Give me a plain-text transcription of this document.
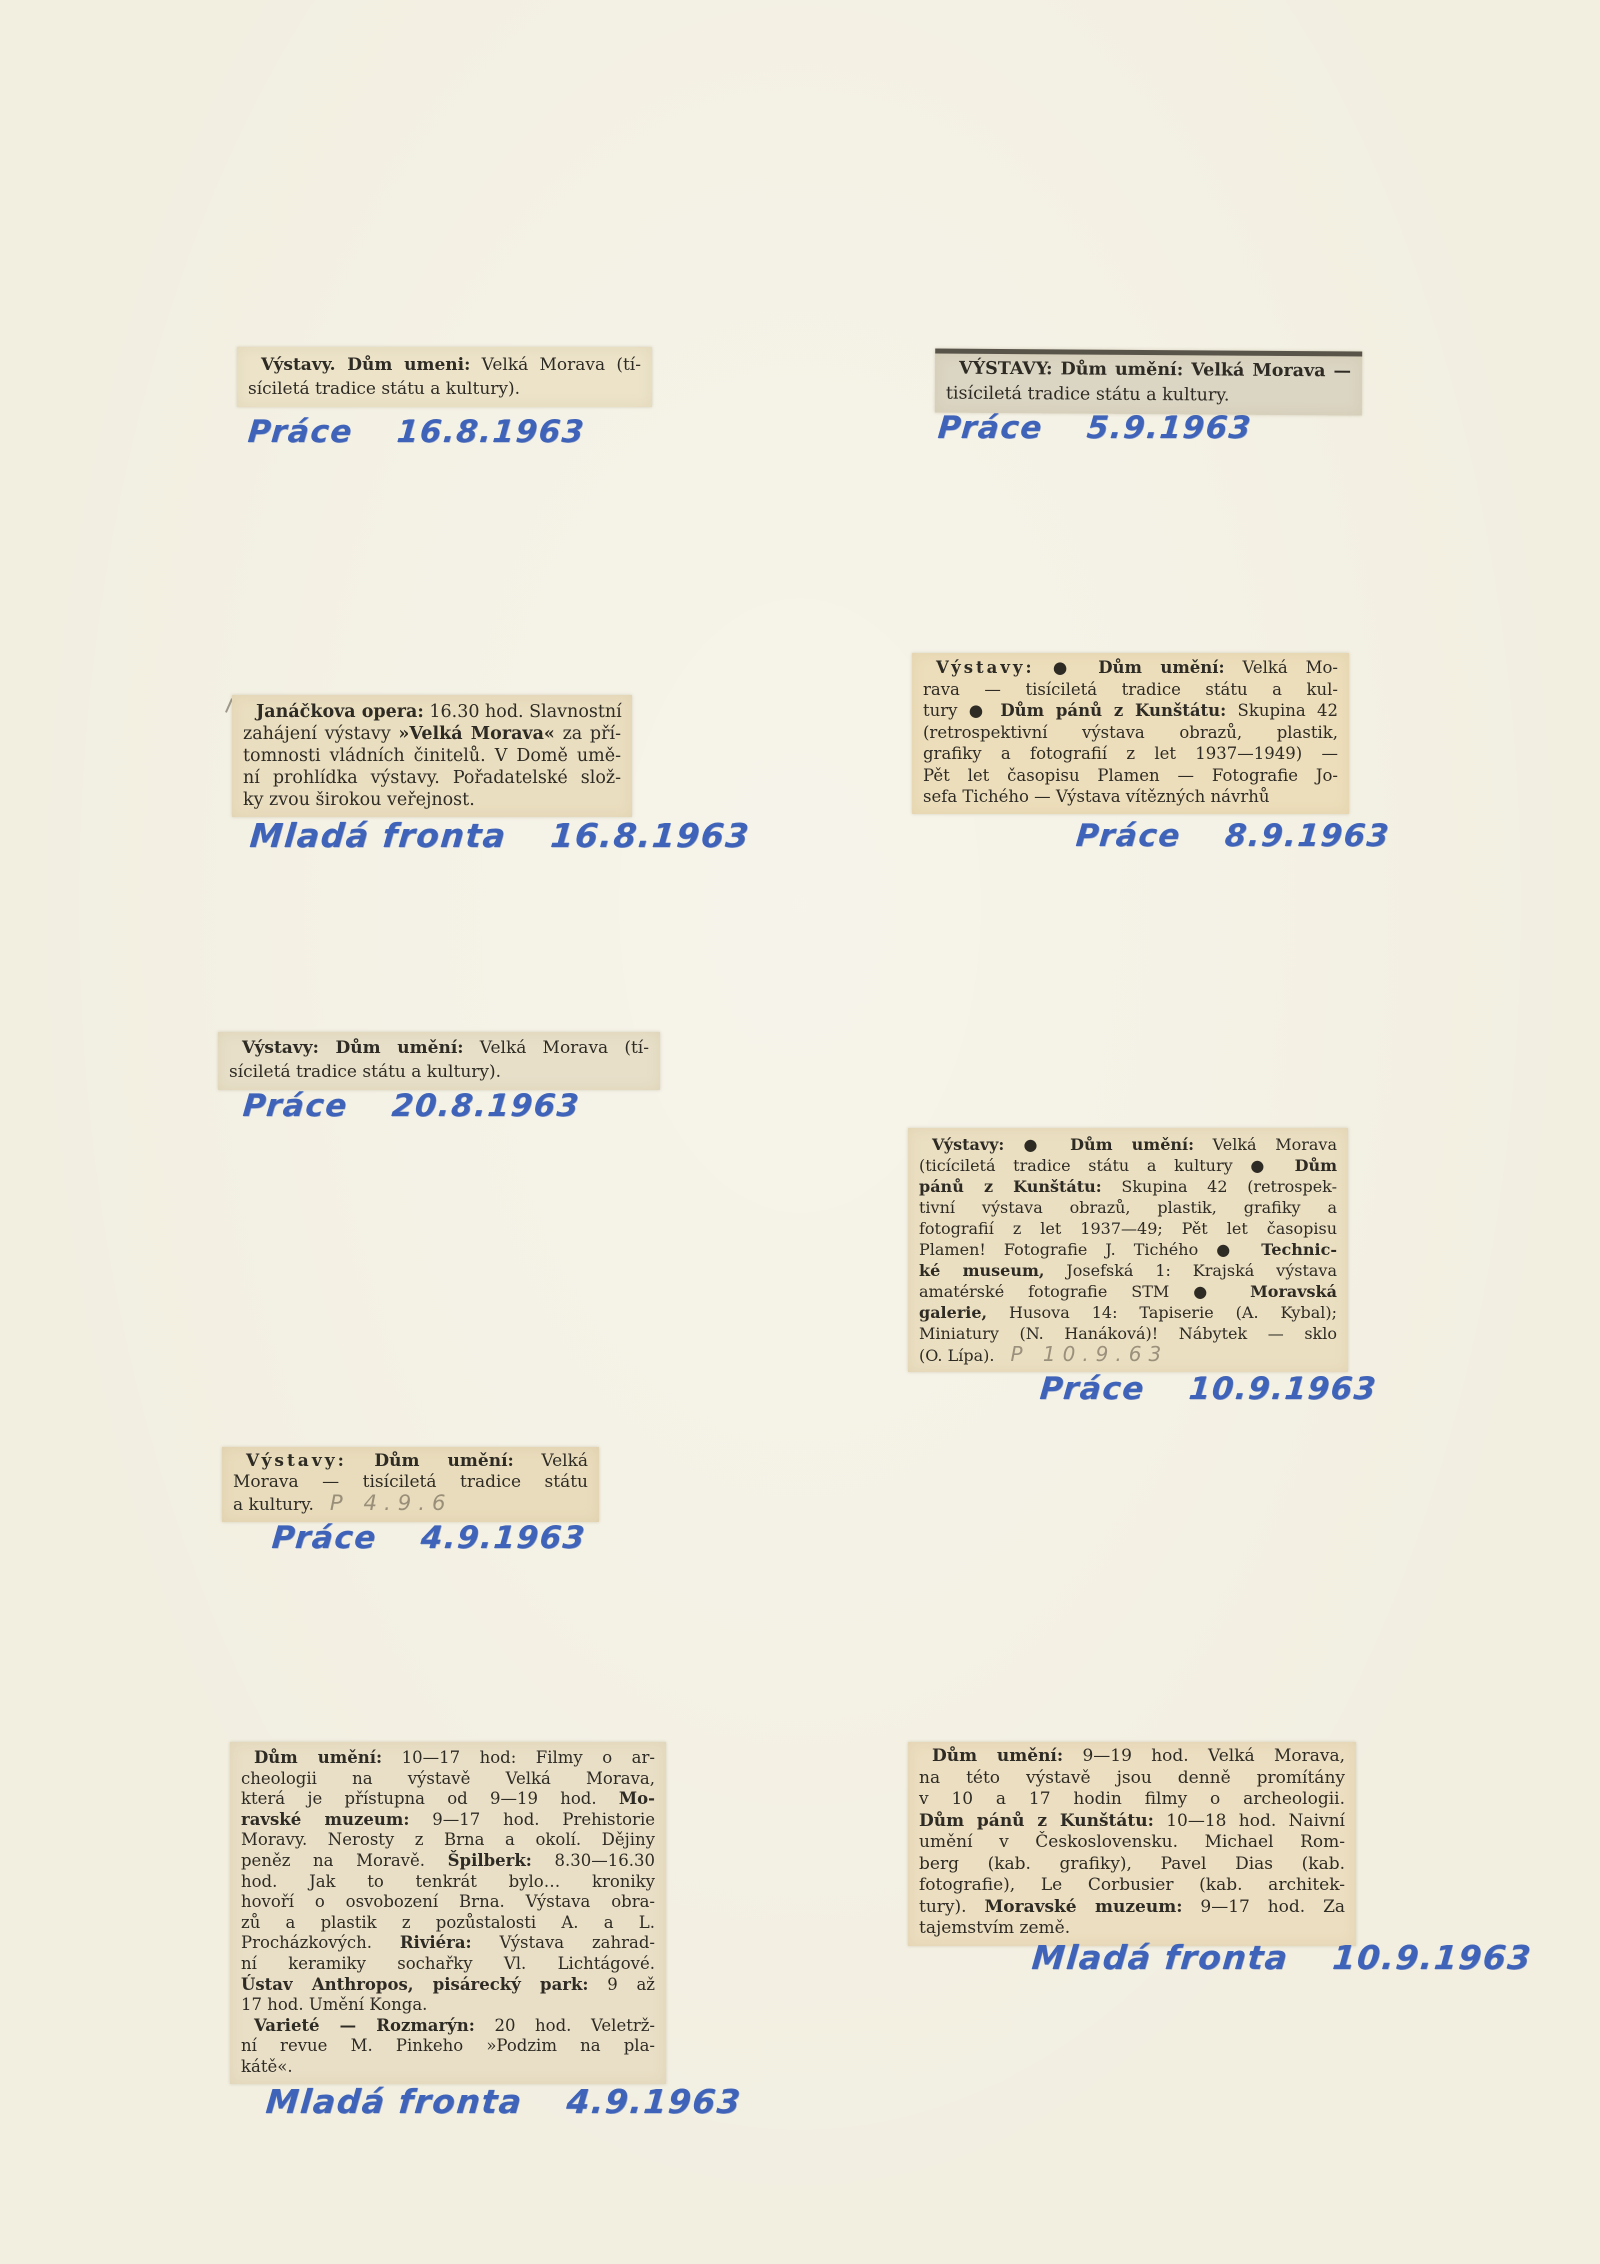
Výstavy. Dům umeni: Velká Morava (tí-
síciletá tradice státu a kultury).
Práce 16.8.1963
VÝSTAVY: Dům umění: Velká Morava —
tisíciletá tradice státu a kultury.
Práce 5.9.1963
Janáčkova opera: 16.30 hod. Slavnostní
zahájení výstavy »Velká Morava« za pří-
tomnosti vládních činitelů. V Domě umě-
ní prohlídka výstavy. Pořadatelské slož-
ky zvou širokou veřejnost.
Mladá fronta 16.8.1963
Výstavy: ● Dům umění: Velká Mo-
rava — tisíciletá tradice státu a kul-
tury ● Dům pánů z Kunštátu: Skupina 42
(retrospektivní výstava obrazů, plastik,
grafiky a fotografií z let 1937—1949) —
Pět let časopisu Plamen — Fotografie Jo-
sefa Tichého — Výstava vítězných návrhů
Práce 8.9.1963
Výstavy: Dům umění: Velká Morava (tí-
síciletá tradice státu a kultury).
Práce 20.8.1963
Výstavy: ● Dům umění: Velká Morava
(ticíciletá tradice státu a kultury ● Dům
pánů z Kunštátu: Skupina 42 (retrospek-
tivní výstava obrazů, plastik, grafiky a
fotografií z let 1937—49; Pět let časopisu
Plamen! Fotografie J. Tichého ● Technic-
ké museum, Josefská 1: Krajská výstava
amatérské fotografie STM ● Moravská
galerie, Husova 14: Tapiserie (A. Kybal);
Miniatury (N. Hanáková)! Nábytek — sklo
(O. Lípa). P 10.9.63
Práce 10.9.1963
Výstavy: Dům umění: Velká
Morava — tisíciletá tradice státu
a kultury. P 4.9.6
Práce 4.9.1963
Dům umění: 10—17 hod: Filmy o ar-
cheologii na výstavě Velká Morava,
která je přístupna od 9—19 hod. Mo-
ravské muzeum: 9—17 hod. Prehistorie
Moravy. Nerosty z Brna a okolí. Dějiny
peněz na Moravě. Špilberk: 8.30—16.30
hod. Jak to tenkrát bylo… kroniky
hovoří o osvobození Brna. Výstava obra-
zů a plastik z pozůstalosti A. a L.
Procházkových. Riviéra: Výstava zahrad-
ní keramiky sochařky Vl. Lichtágové.
Ústav Anthropos, pisárecký park: 9 až
17 hod. Umění Konga.
Varieté — Rozmarýn: 20 hod. Veletrž-
ní revue M. Pinkeho »Podzim na pla-
kátě«.
Mladá fronta 4.9.1963
Dům umění: 9—19 hod. Velká Morava,
na této výstavě jsou denně promítány
v 10 a 17 hodin filmy o archeologii.
Dům pánů z Kunštátu: 10—18 hod. Naivní
umění v Československu. Michael Rom-
berg (kab. grafiky), Pavel Dias (kab.
fotografie), Le Corbusier (kab. architek-
tury). Moravské muzeum: 9—17 hod. Za
tajemstvím země.
Mladá fronta 10.9.1963
